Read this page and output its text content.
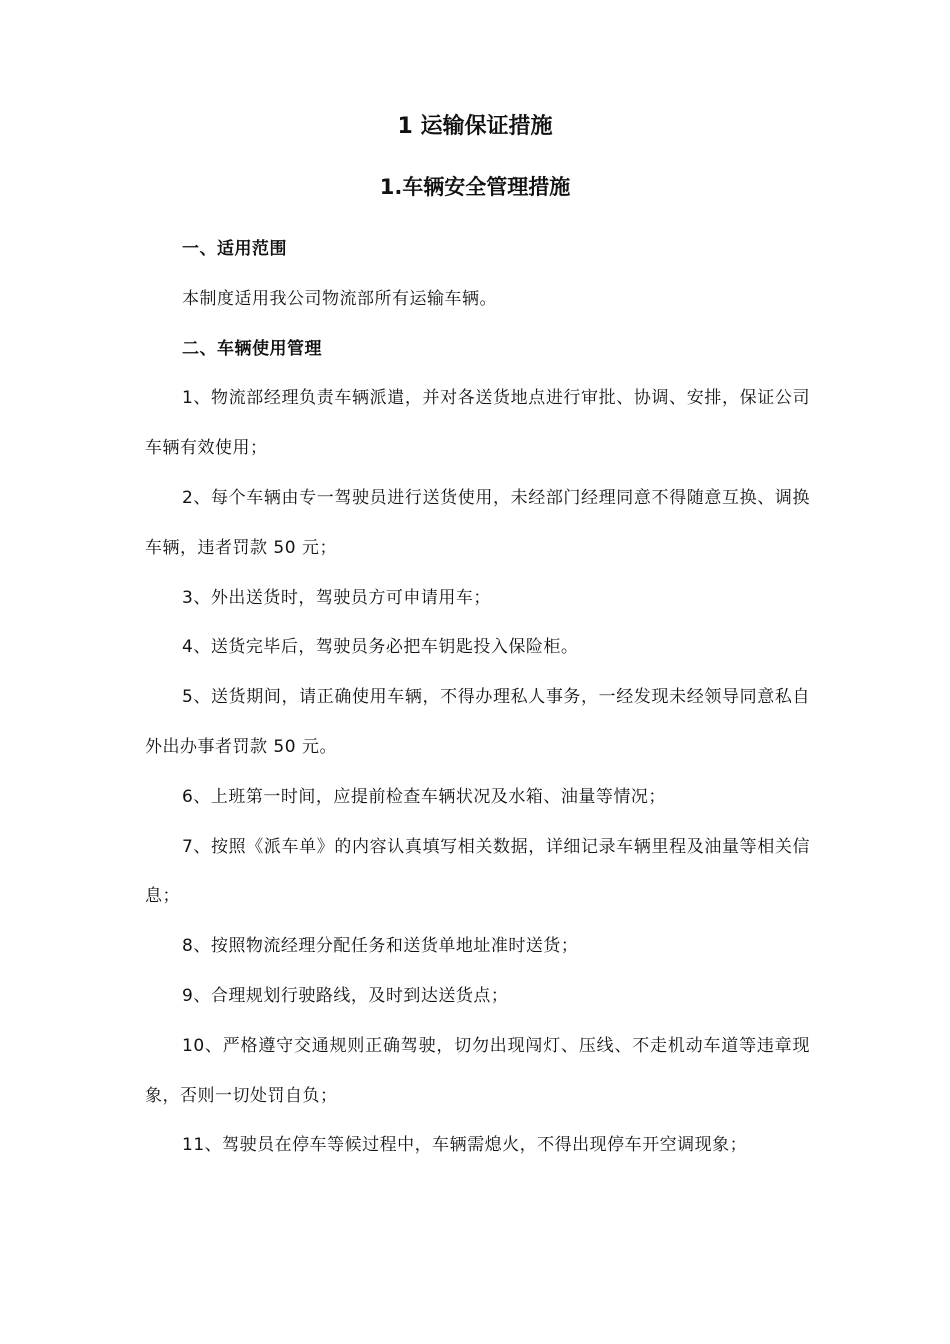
1 运输保证措施
1.车辆安全管理措施

一、适用范围

本制度适用我公司物流部所有运输车辆。

二、车辆使用管理

1、物流部经理负责车辆派遣，并对各送货地点进行审批、协调、安排，保证公司车辆有效使用；

2、每个车辆由专一驾驶员进行送货使用，未经部门经理同意不得随意互换、调换车辆，违者罚款 50 元；

3、外出送货时，驾驶员方可申请用车；

4、送货完毕后，驾驶员务必把车钥匙投入保险柜。

5、送货期间，请正确使用车辆，不得办理私人事务，一经发现未经领导同意私自外出办事者罚款 50 元。

6、上班第一时间，应提前检查车辆状况及水箱、油量等情况；

7、按照《派车单》的内容认真填写相关数据，详细记录车辆里程及油量等相关信息；

8、按照物流经理分配任务和送货单地址准时送货；

9、合理规划行驶路线，及时到达送货点；

10、严格遵守交通规则正确驾驶，切勿出现闯灯、压线、不走机动车道等违章现象，否则一切处罚自负；

11、驾驶员在停车等候过程中，车辆需熄火，不得出现停车开空调现象；
